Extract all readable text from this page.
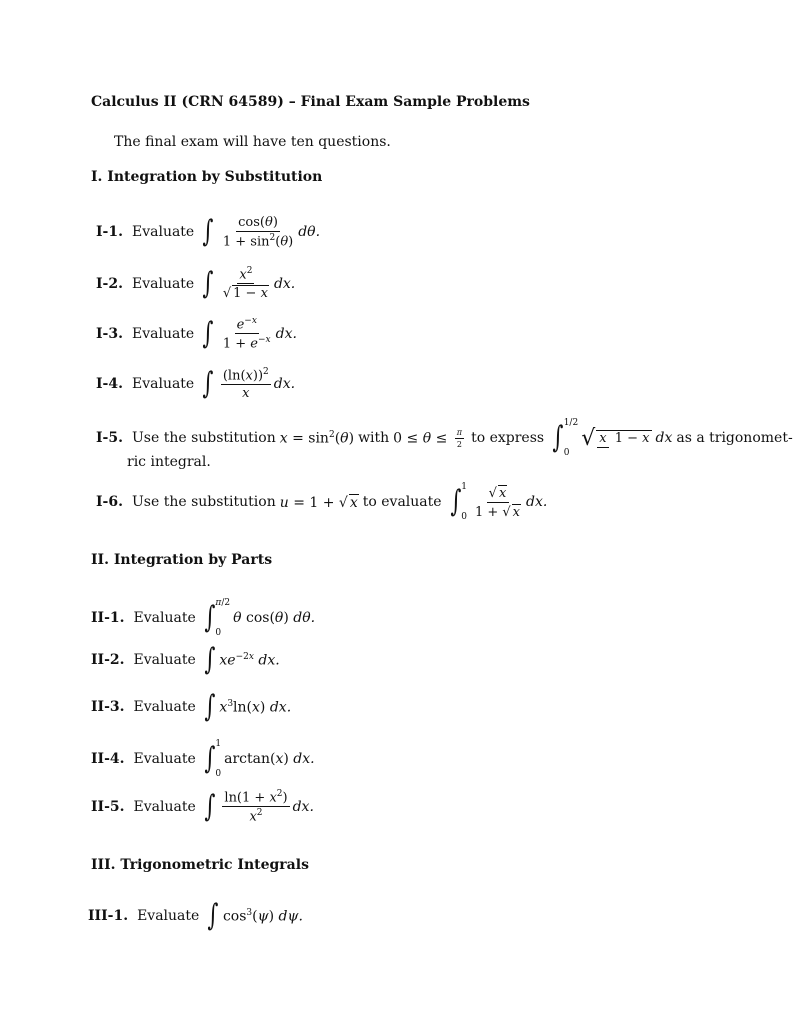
Calculus II (CRN 64589) – Final Exam Sample Problems
The final exam will have ten questions.
I. Integration by Substitution
I-1. Evaluate ∫ $\frac{\cos(\theta)}{1 + \sin^2(\theta)} d\theta$.
I-2. Evaluate ∫ $\frac{x^2}{√ 1 - x}$ dx.
I-3. Evaluate ∫ $\frac{e^{-x}}{1 + e^{-x}}$ dx.
I-4. Evaluate ∫ $\frac{(\ln(x))^2}{x}$ dx.
I-5. Use the substitution $x = \sin^2(\theta)$ with $0 \le \theta \le \frac{\pi}{2}$ to express ∫ 1/2
0
√ x 1 − x dx as a trigonomet-
ric integral.
I-6. Use the substitution u = 1 + √ x to evaluate ∫ 1
$0 \frac{√ x}{1 + √ x}$ dx.
II. Integration by Parts
II-1. Evaluate ∫ π/2
0
θ cos(θ) dθ.
II-2. Evaluate ∫ $xe^{-2x}$ dx.
II-3. Evaluate ∫ $x^3\ln(x)$ dx.
II-4. Evaluate ∫ 1
0
arctan(x) dx.
II-5. Evaluate ∫ $\frac{\ln(1 + x^2)}{x^2}$ dx.
III. Trigonometric Integrals
III-1. Evaluate ∫ $\cos^3(\psi)$ dψ.
